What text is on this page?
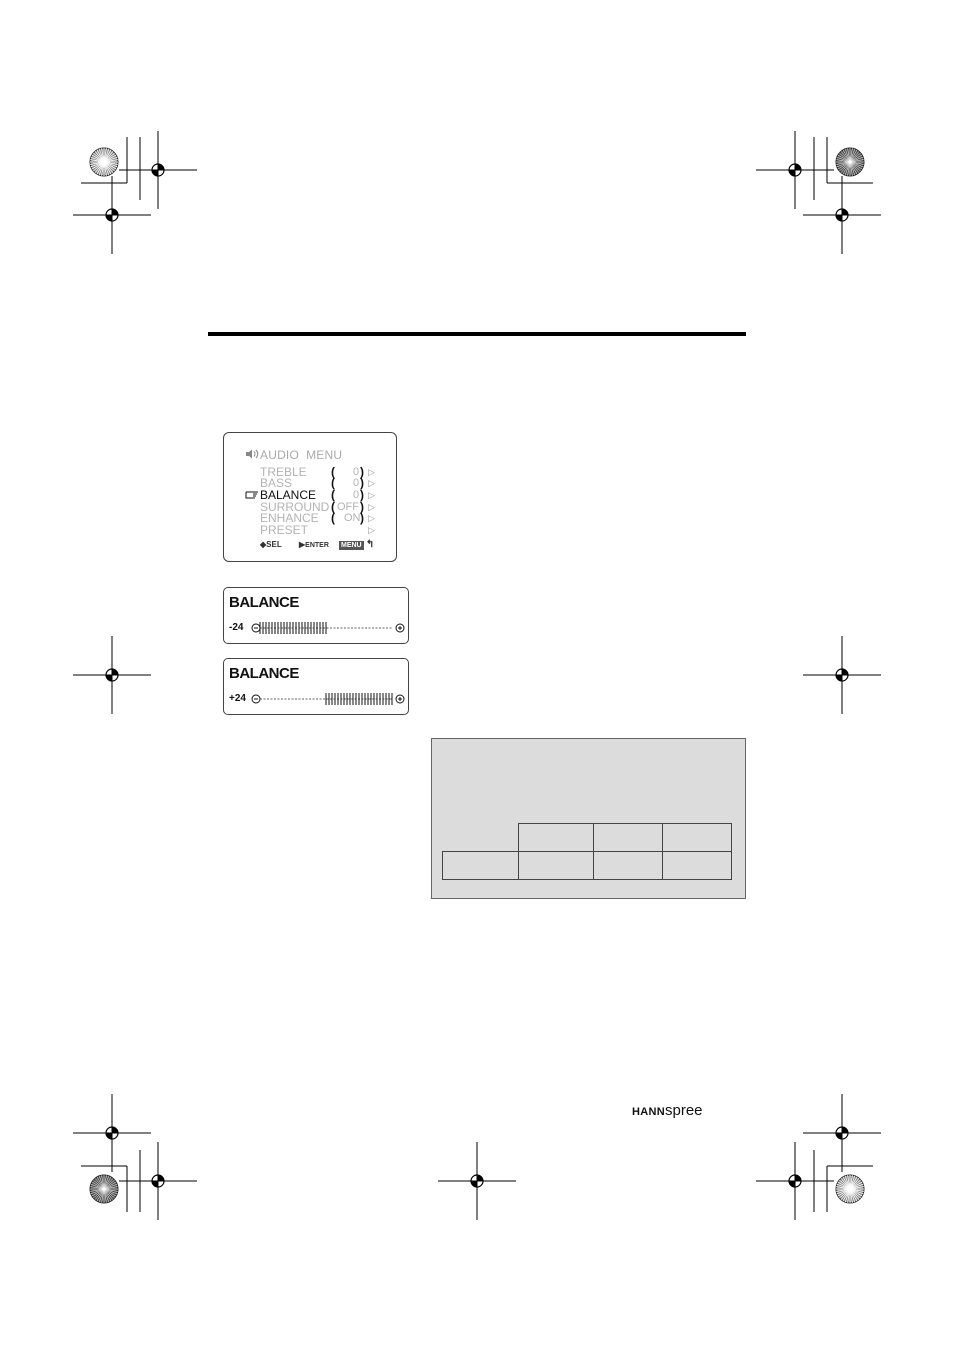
AUDIO  MENU
TREBLE
BASS
BALANCE
SURROUND
ENHANCE
PRESET
( 0 ) ▷
( 0 ) ▷
( 0 ) ▷
( OFF ) ▷
( ON ) ▷
▷
◆SEL ▶ENTER MENU ↰
BALANCE
-24
BALANCE
+24

HANNspree
